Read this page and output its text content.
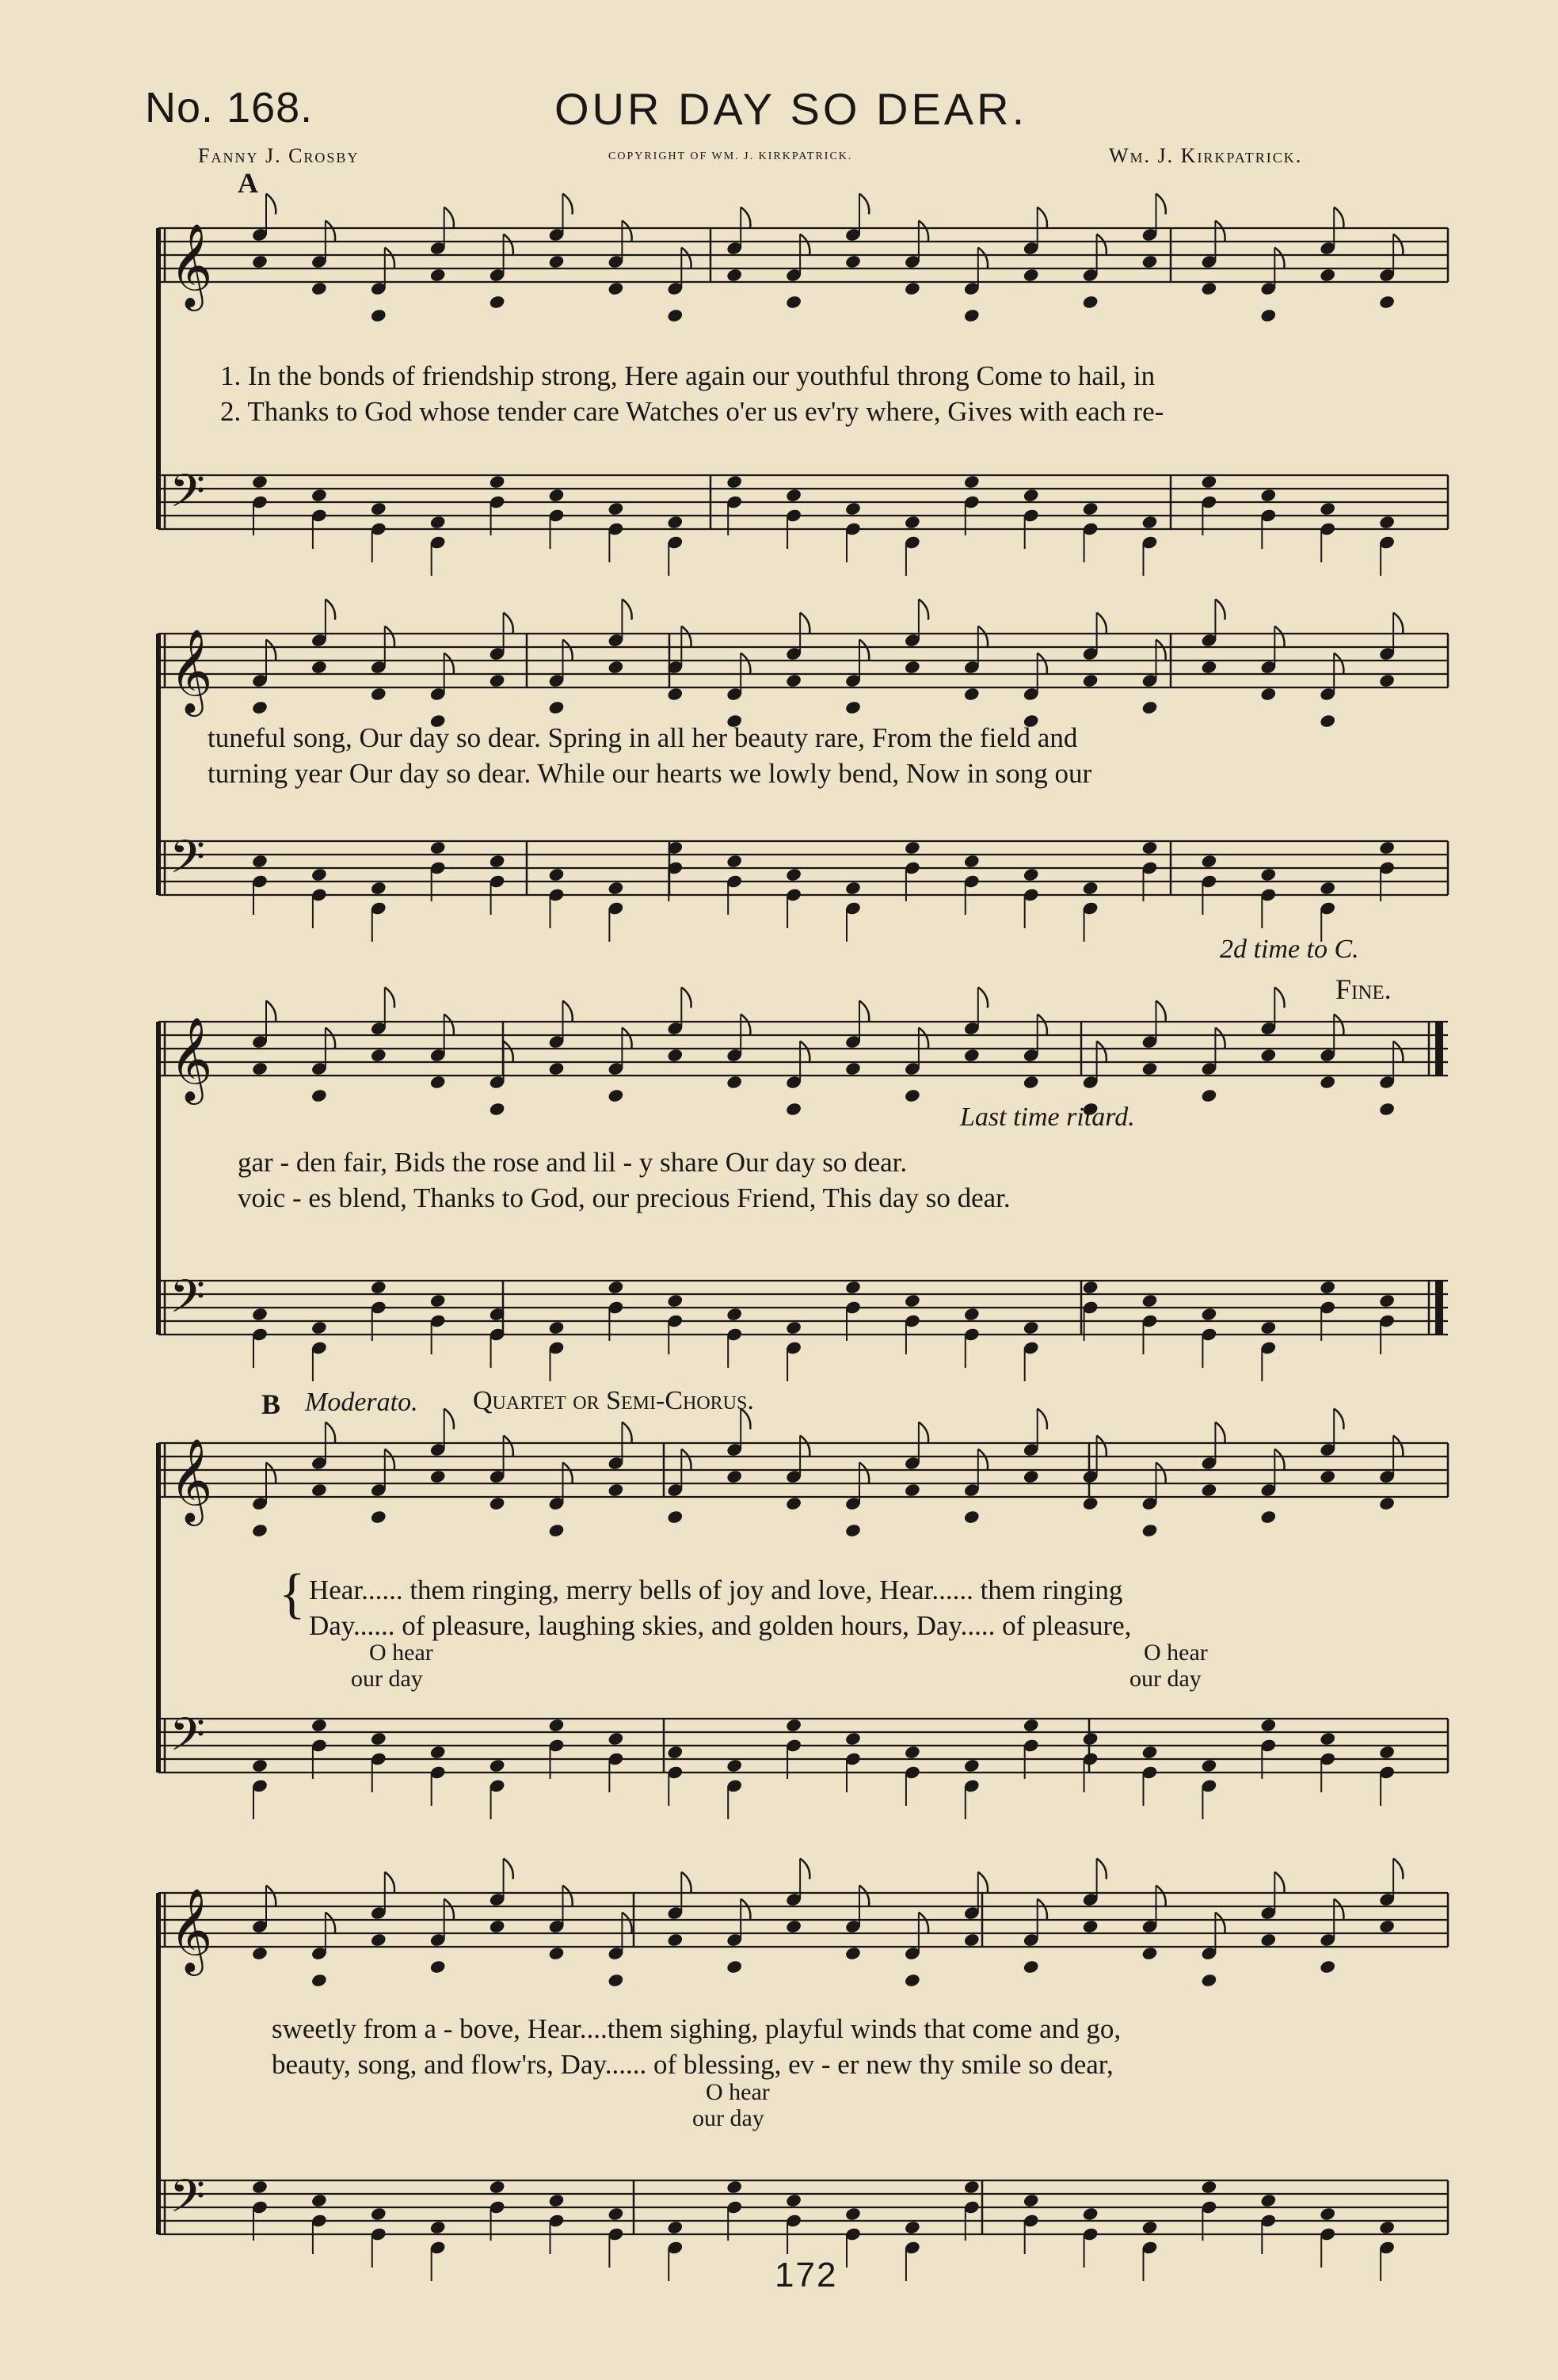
No. 168.	OUR DAY SO DEAR.
Fanny J. Crosby	COPYRIGHT OF WM. J. KIRKPATRICK.	Wm. J. Kirkpatrick.
A
𝄞
𝄢
𝄞
𝄢
𝄞
𝄢
𝄞
𝄢
𝄞
𝄢
1. In the bonds of friendship strong, Here again our youthful throng Come to hail, in
2. Thanks to God whose tender care Watches o'er us ev'ry where, Gives with each re-
tuneful song, Our day so dear. Spring in all her beauty rare, From the field and
turning year Our day so dear. While our hearts we lowly bend, Now in song our
2d time to C.
Fine.
Last time ritard.
gar - den fair, Bids the rose and lil - y share Our day so dear.
voic - es blend, Thanks to God, our precious Friend, This day so dear.
B Moderato. Quartet or Semi-Chorus.
{ Hear...... them ringing, merry bells of joy and love, Hear...... them ringing
Day...... of pleasure, laughing skies, and golden hours, Day..... of pleasure,
O hear
our day
O hear
our day
sweetly from a - bove, Hear....them sighing, playful winds that come and go,
beauty, song, and flow'rs, Day...... of blessing, ev - er new thy smile so dear,
O hear
our day
172
